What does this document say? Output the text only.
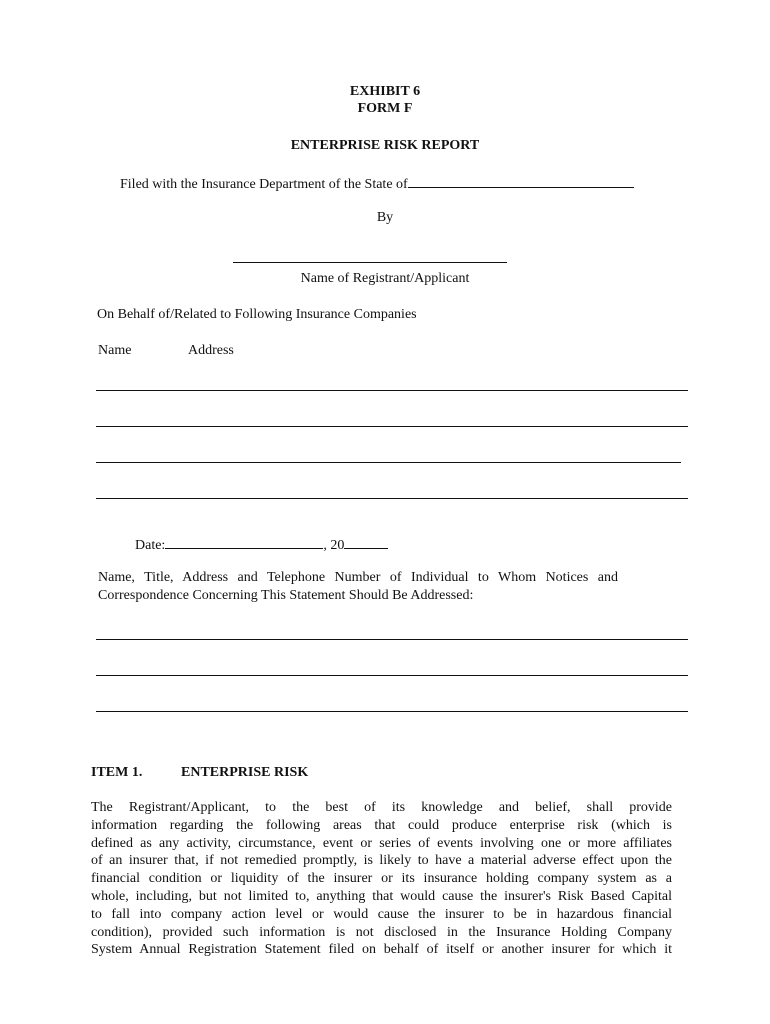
EXHIBIT 6
FORM F
ENTERPRISE RISK REPORT
Filed with the Insurance Department of the State of
By
Name of Registrant/Applicant
On Behalf of/Related to Following Insurance Companies
Name	Address
Date:	, 20
Name, Title, Address and Telephone Number of Individual to Whom Notices and
Correspondence Concerning This Statement Should Be Addressed:
ITEM 1.	ENTERPRISE RISK
The Registrant/Applicant, to the best of its knowledge and belief, shall provide
information regarding the following areas that could produce enterprise risk (which is
defined as any activity, circumstance, event or series of events involving one or more affiliates
of an insurer that, if not remedied promptly, is likely to have a material adverse effect upon the
financial condition or liquidity of the insurer or its insurance holding company system as a
whole, including, but not limited to, anything that would cause the insurer's Risk Based Capital
to fall into company action level or would cause the insurer to be in hazardous financial
condition), provided such information is not disclosed in the Insurance Holding Company
System Annual Registration Statement filed on behalf of itself or another insurer for which it
